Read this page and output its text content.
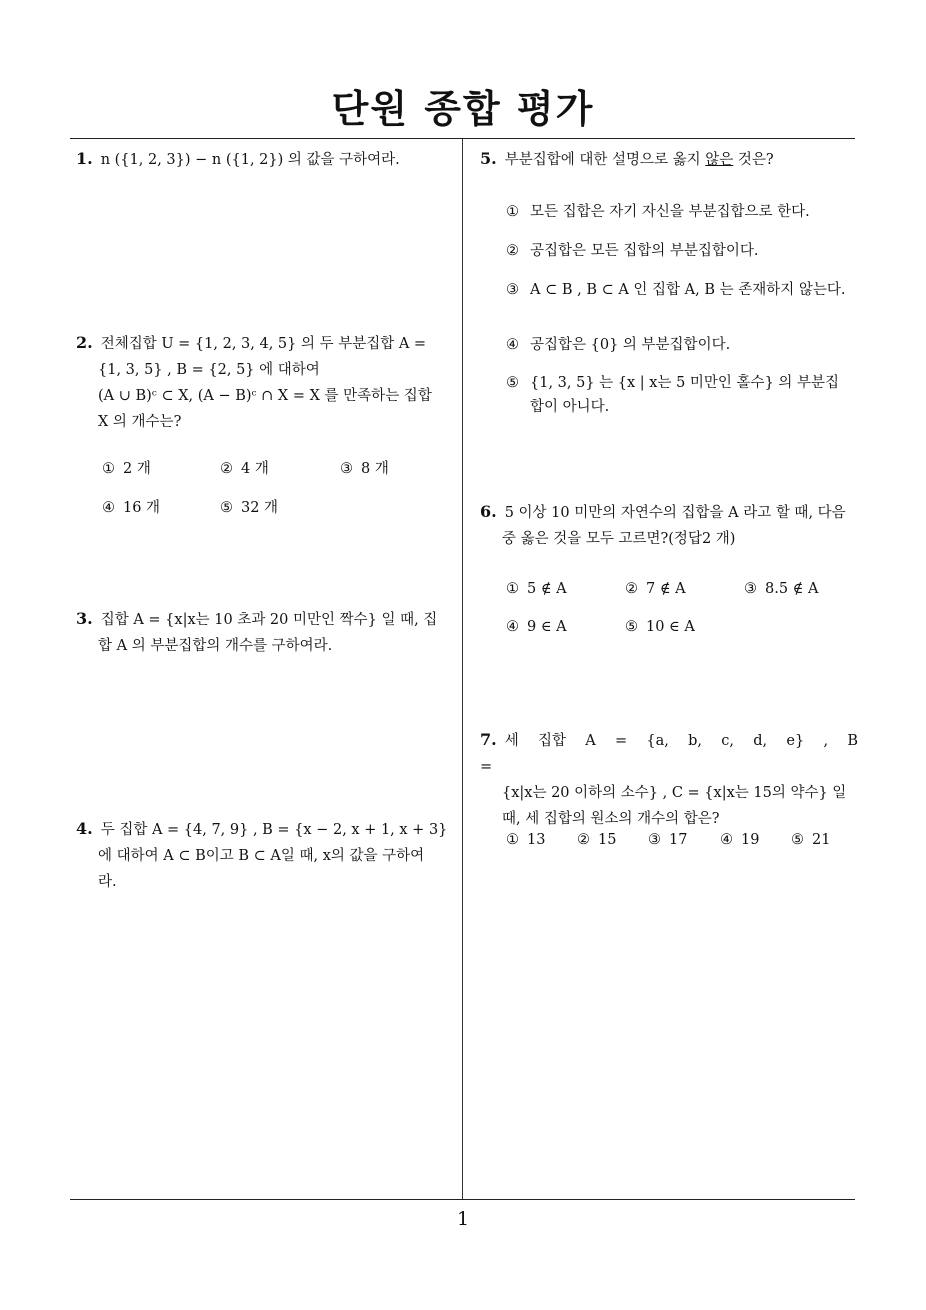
단원 종합 평가
1
1. n ({1, 2, 3}) − n ({1, 2}) 의 값을 구하여라.
2. 전체집합 U = {1, 2, 3, 4, 5} 의 두 부분집합 A =
{1, 3, 5} , B = {2, 5} 에 대하여
(A ∪ B)ᶜ ⊂ X, (A − B)ᶜ ∩ X = X 를 만족하는 집합
X 의 개수는?
① 2 개	② 4 개	③ 8 개
④ 16 개	⑤ 32 개
3. 집합 A = {x|x는 10 초과 20 미만인 짝수} 일 때, 집
합 A 의 부분집합의 개수를 구하여라.
4. 두 집합 A = {4, 7, 9} , B = {x − 2, x + 1, x + 3}
에 대하여 A ⊂ B이고 B ⊂ A일 때, x의 값을 구하여
라.
5. 부분집합에 대한 설명으로 옳지 않은 것은?
① 모든 집합은 자기 자신을 부분집합으로 한다.
② 공집합은 모든 집합의 부분집합이다.
③ A ⊂ B , B ⊂ A 인 집합 A, B 는 존재하지 않는다.
④ 공집합은 {0} 의 부분집합이다.
⑤ {1, 3, 5} 는 {x | x는 5 미만인 홀수} 의 부분집합이 아니다.
6. 5 이상 10 미만의 자연수의 집합을 A 라고 할 때, 다음
중 옳은 것을 모두 고르면?(정답2 개)
① 5 ∉ A	② 7 ∉ A	③ 8.5 ∉ A
④ 9 ∈ A	⑤ 10 ∈ A
7. 세 집합 A = {a, b, c, d, e} , B =
{x|x는 20 이하의 소수} , C = {x|x는 15의 약수} 일
때, 세 집합의 원소의 개수의 합은?
① 13 ② 15 ③ 17 ④ 19 ⑤ 21
